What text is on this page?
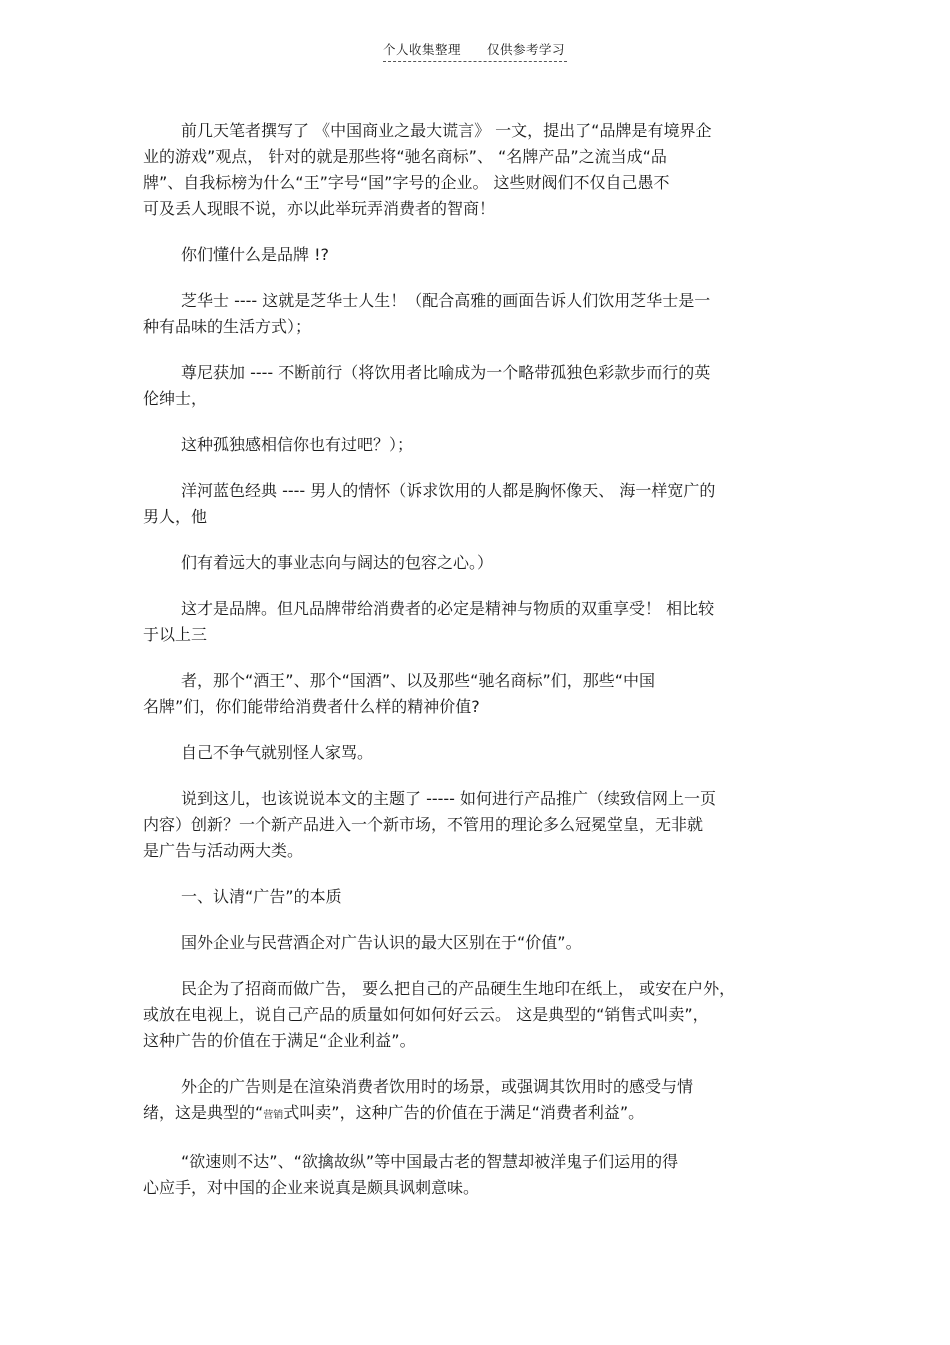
个人收集整理 仅供参考学习
前几天笔者撰写了 《中国商业之最大谎言》 一文，提出了“品牌是有境界企
业的游戏”观点， 针对的就是那些将“驰名商标”、 “名牌产品”之流当成“品
牌”、自我标榜为什么“王”字号“国”字号的企业。 这些财阀们不仅自己愚不
可及丢人现眼不说，亦以此举玩弄消费者的智商！
你们懂什么是品牌 !?
芝华士 ---- 这就是芝华士人生！（配合高雅的画面告诉人们饮用芝华士是一
种有品味的生活方式）；
尊尼获加 ---- 不断前行（将饮用者比喻成为一个略带孤独色彩款步而行的英
伦绅士，
这种孤独感相信你也有过吧？）；
洋河蓝色经典 ---- 男人的情怀（诉求饮用的人都是胸怀像天、 海一样宽广的
男人，他
们有着远大的事业志向与阔达的包容之心。）
这才是品牌。但凡品牌带给消费者的必定是精神与物质的双重享受！ 相比较
于以上三
者，那个“酒王”、那个“国酒”、以及那些“驰名商标”们，那些“中国
名牌”们，你们能带给消费者什么样的精神价值?
自己不争气就别怪人家骂。
说到这儿，也该说说本文的主题了 ----- 如何进行产品推广（续致信网上一页
内容）创新？一个新产品进入一个新市场，不管用的理论多么冠冕堂皇，无非就
是广告与活动两大类。
一、认清“广告”的本质
国外企业与民营酒企对广告认识的最大区别在于“价值”。
民企为了招商而做广告， 要么把自己的产品硬生生地印在纸上， 或安在户外，
或放在电视上，说自己产品的质量如何如何好云云。 这是典型的“销售式叫卖”，
这种广告的价值在于满足“企业利益”。
外企的广告则是在渲染消费者饮用时的场景，或强调其饮用时的感受与情
绪，这是典型的“营销式叫卖”，这种广告的价值在于满足“消费者利益”。
“欲速则不达”、“欲擒故纵”等中国最古老的智慧却被洋鬼子们运用的得
心应手，对中国的企业来说真是颇具讽刺意味。
